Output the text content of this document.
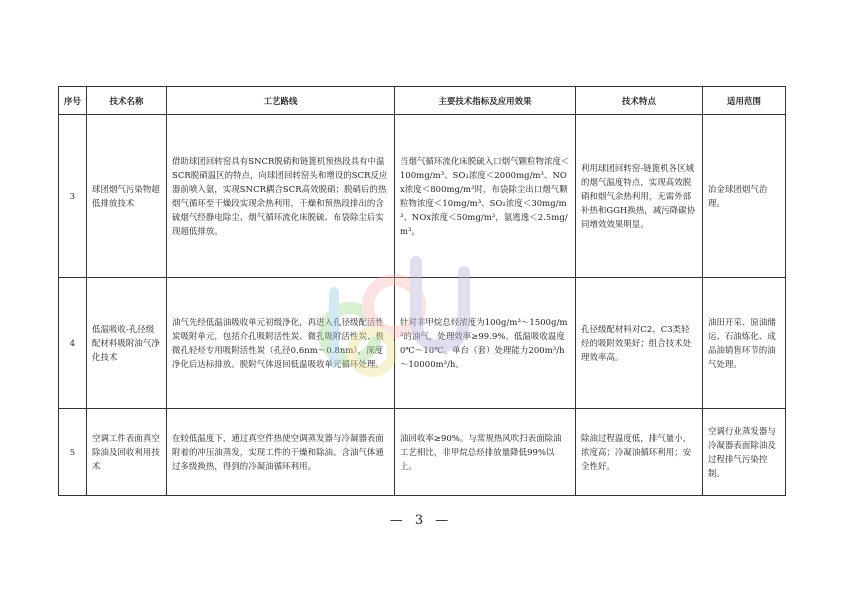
序号	技术名称	工艺路线	主要技术指标及应用效果	技术特点	适用范围
3	球团烟气污染物超低排放技术	借助球团回转窑具有SNCR脱硝和链篦机预热段具有中温SCR脱硝温区的特点，向球团回转窑头和增设的SCR反应器前喷入氨，实现SNCR耦合SCR高效脱硝；脱硝后的热烟气循环至干燥段实现余热利用，干燥和预热段排出的含硫烟气经静电除尘、烟气循环流化床脱硫、布袋除尘后实现超低排放。	当烟气循环流化床脱硫入口烟气颗粒物浓度＜100mg/m³、SO₂浓度＜2000mg/m³、NOx浓度＜800mg/m³时，布袋除尘出口烟气颗粒物浓度＜10mg/m³、SO₂浓度＜30mg/m³、NOx浓度＜50mg/m³，氨逃逸＜2.5mg/m³。	利用球团回转窑-链篦机各区域的烟气温度特点，实现高效脱硝和烟气余热利用，无需外部补热和GGH换热，减污降碳协同增效效果明显。	冶金球团烟气治理。
4	低温吸收-孔径级配材料吸附油气净化技术	油气先经低温油吸收单元初级净化，再进入孔径级配活性炭吸附单元，包括介孔吸附活性炭、微孔吸附活性炭、极微孔轻烃专用吸附活性炭（孔径0.6nm～0.8nm），深度净化后达标排放。脱附气体返回低温吸收单元循环处理。	针对非甲烷总烃浓度为100g/m³～1500g/m³的油气，处理效率≥99.9%。低温吸收温度0℃～10℃。单台（套）处理能力200m³/h～10000m³/h。	孔径级配材料对C2、C3类轻烃的吸附效果好；组合技术处理效率高。	油田开采、原油储运、石油炼化、成品油销售环节的油气处理。
5	空调工件表面真空除油及回收利用技术	在较低温度下，通过真空件热使空调蒸发器与冷凝器表面附着的冲压油蒸发，实现工件的干燥和除油。含油气体通过多级换热，得到的冷凝油循环利用。	油回收率≥90%。与常规热风吹扫表面除油工艺相比，非甲烷总烃排放量降低99%以上。	除油过程温度低，排气量小，浓度高；冷凝油循环利用；安全性好。	空调行业蒸发器与冷凝器表面除油及过程排气污染控制。
— 3 —
